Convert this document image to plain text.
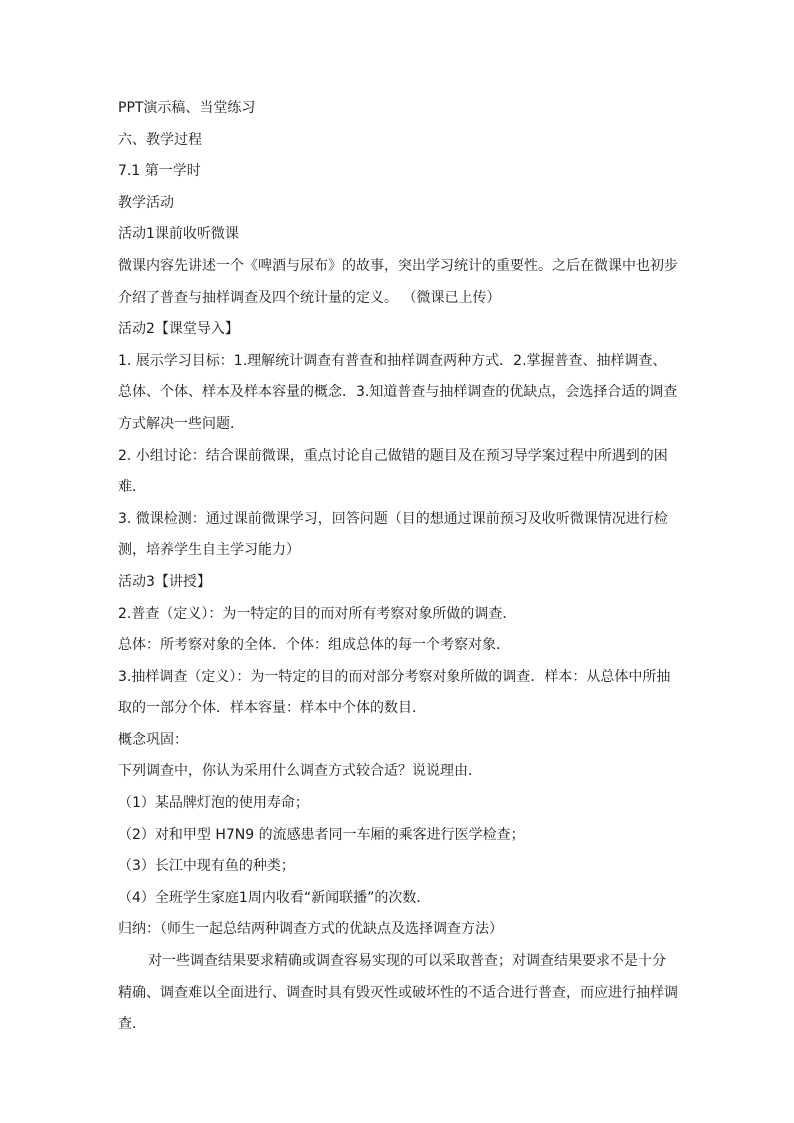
PPT演示稿、当堂练习
六、教学过程
7.1 第一学时
教学活动
活动1课前收听微课
微课内容先讲述一个《啤酒与尿布》的故事，突出学习统计的重要性。之后在微课中也初步
介绍了普查与抽样调查及四个统计量的定义。 （微课已上传）
活动2【课堂导入】
1. 展示学习目标：1.理解统计调查有普查和抽样调查两种方式．2.掌握普查、抽样调查、
总体、个体、样本及样本容量的概念．3.知道普查与抽样调查的优缺点，会选择合适的调查
方式解决一些问题．
2. 小组讨论：结合课前微课，重点讨论自己做错的题目及在预习导学案过程中所遇到的困
难．
3. 微课检测：通过课前微课学习，回答问题（目的想通过课前预习及收听微课情况进行检
测，培养学生自主学习能力）
活动3【讲授】
2.普查（定义）：为一特定的目的而对所有考察对象所做的调查．
总体：所考察对象的全体．个体：组成总体的每一个考察对象．
3.抽样调查（定义）：为一特定的目的而对部分考察对象所做的调查．样本：从总体中所抽
取的一部分个体．样本容量：样本中个体的数目．
概念巩固：
下列调查中，你认为采用什么调查方式较合适？说说理由．
（1）某品牌灯泡的使用寿命；
（2）对和甲型 H7N9 的流感患者同一车厢的乘客进行医学检查；
（3）长江中现有鱼的种类；
（4）全班学生家庭1周内收看“新闻联播”的次数．
归纳：（师生一起总结两种调查方式的优缺点及选择调查方法）
对一些调查结果要求精确或调查容易实现的可以采取普查；对调查结果要求不是十分
精确、调查难以全面进行、调查时具有毁灭性或破坏性的不适合进行普查，而应进行抽样调
查．
